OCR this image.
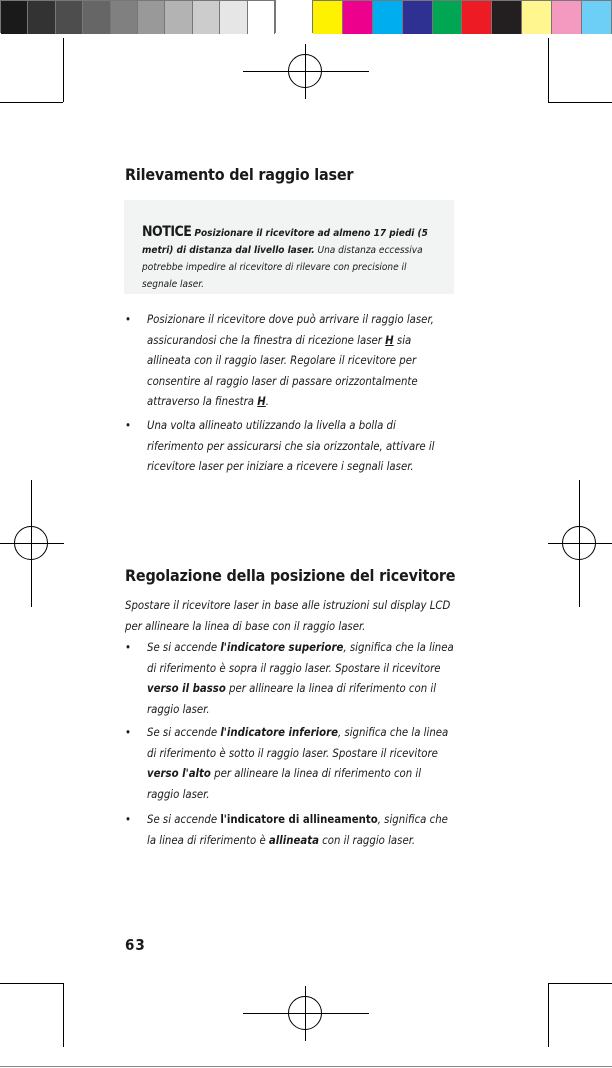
Rilevamento del raggio laser
NOTICE Posizionare il ricevitore ad almeno 17 piedi (5 metri) di distanza dal livello laser. Una distanza eccessiva potrebbe impedire al ricevitore di rilevare con precisione il segnale laser.
• Posizionare il ricevitore dove può arrivare il raggio laser, assicurandosi che la finestra di ricezione laser H sia allineata con il raggio laser. Regolare il ricevitore per consentire al raggio laser di passare orizzontalmente attraverso la finestra H.
• Una volta allineato utilizzando la livella a bolla di riferimento per assicurarsi che sia orizzontale, attivare il ricevitore laser per iniziare a ricevere i segnali laser.
Regolazione della posizione del ricevitore
Spostare il ricevitore laser in base alle istruzioni sul display LCD per allineare la linea di base con il raggio laser.
• Se si accende l'indicatore superiore, significa che la linea di riferimento è sopra il raggio laser. Spostare il ricevitore verso il basso per allineare la linea di riferimento con il raggio laser.
• Se si accende l'indicatore inferiore, significa che la linea di riferimento è sotto il raggio laser. Spostare il ricevitore verso l'alto per allineare la linea di riferimento con il raggio laser.
• Se si accende l'indicatore di allineamento, significa che la linea di riferimento è allineata con il raggio laser.
63
